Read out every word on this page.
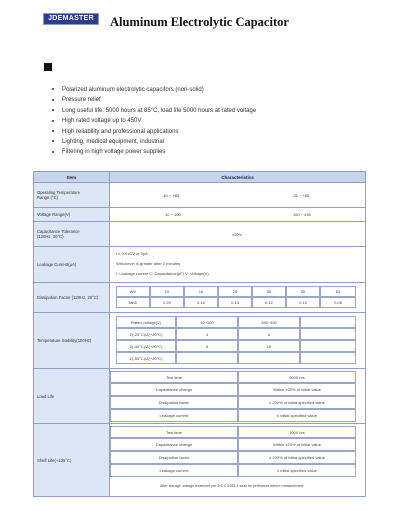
JDEMASTER	Aluminum Electrolytic Capacitor
Polarized aluminum electrolytic capacitors (non-solid)
Pressure relief
Long useful life: 5000 hours at 85°C, load life 5000 hours at rated voltage
High rated voltage up to 450V
High reliability and professional applications
Lighting, medical equipment, industrial
Filtering in high voltage power supplies
Item	Characteristics
Operating Temperature
Range (°C)	-40 ~ +85	-25 ~ +85
Voltage Range(V)	10 ~ 100	160 ~ 450
Capacitance Tolerance
(120Hz, 20°C)	±20%
Leakage Current(μA)
I ≤ 0.01CV or 3μA
Whichever is greater after 2 minutes
I: Leakage current C: Capacitance(μF) V: Voltage(V)
Dissipation Factor (120Hz, 20°C)
WV	10	16	25	35	50	63
tanδ	0.20	0.16	0.14	0.12	0.10	0.08
Temperature Stability(100Hz)
Rated voltage(V)	10~100	160~450
Z(-25°C)/Z(+20°C)	4	6
Z(-40°C)/Z(+20°C)	8	10
Z(-55°C)/Z(+20°C)
Load Life
Test time	5000 hrs
Capacitance change	Within ±20% of initial value
Dissipation factor	≤ 200% of initial specified value
Leakage current	≤ initial specified value
Shelf Life(+105°C)
Test time	1000 hrs
Capacitance change	Within ±20% of initial value
Dissipation factor	≤ 200% of initial specified value
Leakage current	≤ initial specified value
After storage, voltage treatment per JIS C 5101-4 shall be performed before measurement.
